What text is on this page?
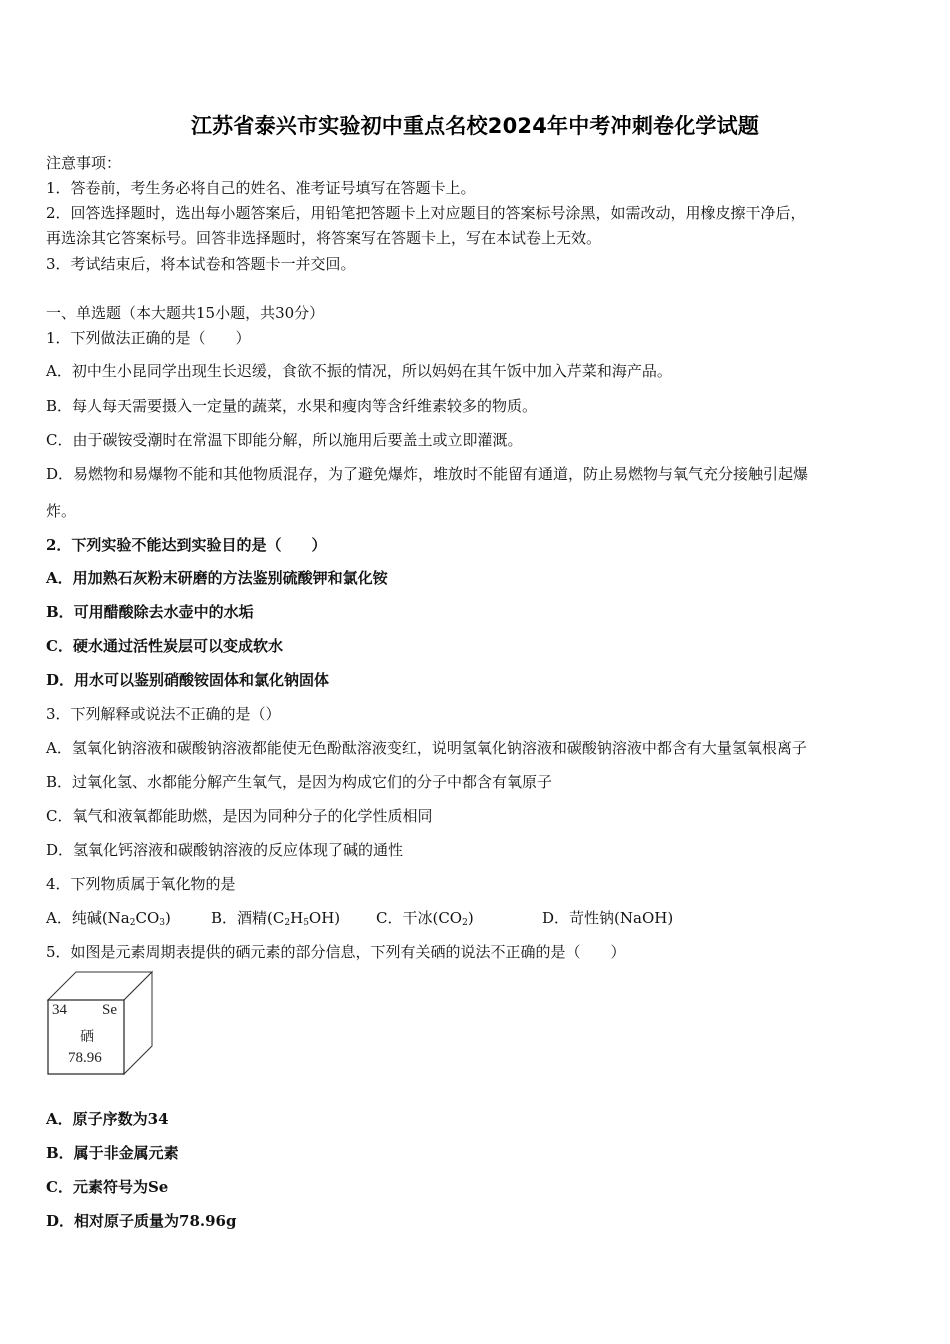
江苏省泰兴市实验初中重点名校2024年中考冲刺卷化学试题
注意事项：
1．答卷前，考生务必将自己的姓名、准考证号填写在答题卡上。
2．回答选择题时，选出每小题答案后，用铅笔把答题卡上对应题目的答案标号涂黑，如需改动，用橡皮擦干净后，
再选涂其它答案标号。回答非选择题时，将答案写在答题卡上，写在本试卷上无效。
3．考试结束后，将本试卷和答题卡一并交回。
一、单选题（本大题共15小题，共30分）
1．下列做法正确的是（　　）
A．初中生小昆同学出现生长迟缓，食欲不振的情况，所以妈妈在其午饭中加入芹菜和海产品。
B．每人每天需要摄入一定量的蔬菜，水果和瘦肉等含纤维素较多的物质。
C．由于碳铵受潮时在常温下即能分解，所以施用后要盖土或立即灌溉。
D．易燃物和易爆物不能和其他物质混存，为了避免爆炸，堆放时不能留有通道，防止易燃物与氧气充分接触引起爆
炸。
2．下列实验不能达到实验目的是（　　）
A．用加熟石灰粉末研磨的方法鉴别硫酸钾和氯化铵
B．可用醋酸除去水壶中的水垢
C．硬水通过活性炭层可以变成软水
D．用水可以鉴别硝酸铵固体和氯化钠固体
3．下列解释或说法不正确的是（）
A．氢氧化钠溶液和碳酸钠溶液都能使无色酚酞溶液变红，说明氢氧化钠溶液和碳酸钠溶液中都含有大量氢氧根离子
B．过氧化氢、水都能分解产生氧气，是因为构成它们的分子中都含有氧原子
C．氧气和液氧都能助燃，是因为同种分子的化学性质相同
D．氢氧化钙溶液和碳酸钠溶液的反应体现了碱的通性
4．下列物质属于氧化物的是
A．纯碱$(Na_2CO_3)$	B．酒精$(C_2H_5OH)$ C．干冰$(CO_2)$	D．苛性钠(NaOH)
5．如图是元素周期表提供的硒元素的部分信息，下列有关硒的说法不正确的是（　　）
34 Se
硒
78.96
A．原子序数为34
B．属于非金属元素
C．元素符号为Se
D．相对原子质量为78.96g
